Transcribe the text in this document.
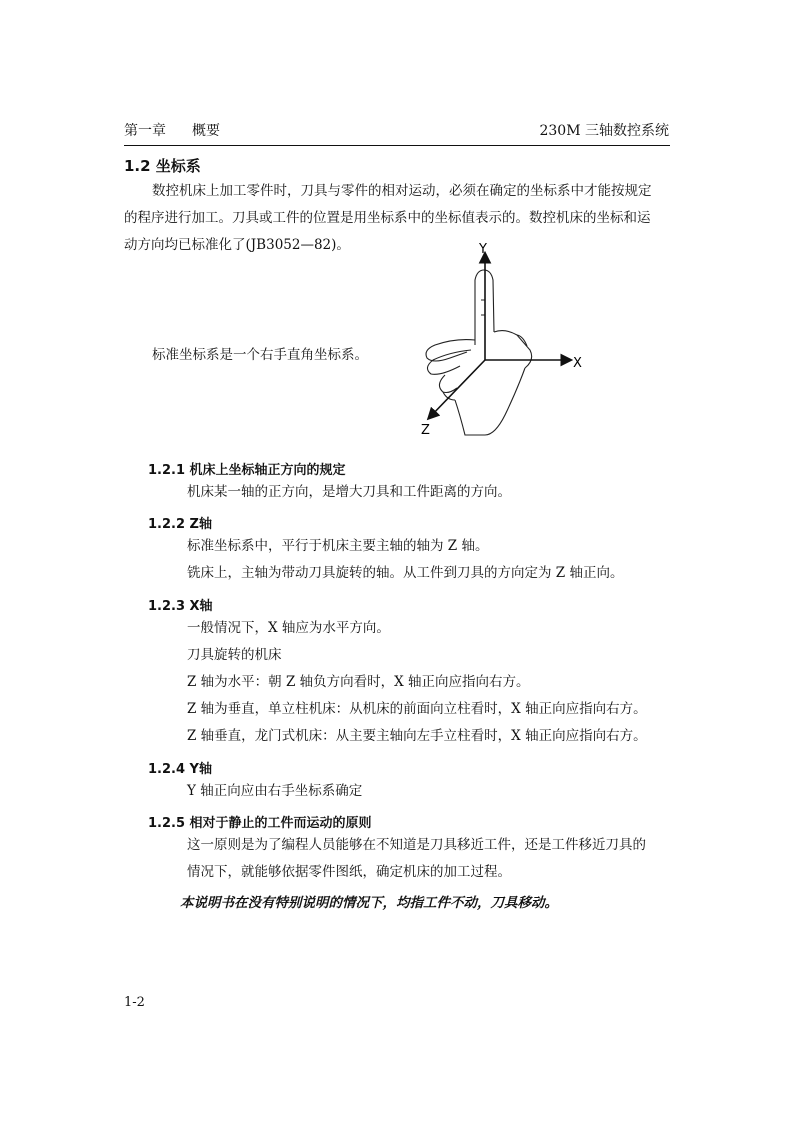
第一章 概要	230M 三轴数控系统
1.2 坐标系
数控机床上加工零件时，刀具与零件的相对运动，必须在确定的坐标系中才能按规定
的程序进行加工。刀具或工件的位置是用坐标系中的坐标值表示的。数控机床的坐标和运
动方向均已标准化了(JB3052—82)。
标准坐标系是一个右手直角坐标系。
Y
X
Z
1.2.1 机床上坐标轴正方向的规定
机床某一轴的正方向，是增大刀具和工件距离的方向。
1.2.2 Z轴
标准坐标系中，平行于机床主要主轴的轴为 Z 轴。
铣床上，主轴为带动刀具旋转的轴。从工件到刀具的方向定为 Z 轴正向。
1.2.3 X轴
一般情况下，X 轴应为水平方向。
刀具旋转的机床
Z 轴为水平：朝 Z 轴负方向看时，X 轴正向应指向右方。
Z 轴为垂直，单立柱机床：从机床的前面向立柱看时，X 轴正向应指向右方。
Z 轴垂直，龙门式机床：从主要主轴向左手立柱看时，X 轴正向应指向右方。
1.2.4 Y轴
Y 轴正向应由右手坐标系确定
1.2.5 相对于静止的工件而运动的原则
这一原则是为了编程人员能够在不知道是刀具移近工件，还是工件移近刀具的
情况下，就能够依据零件图纸，确定机床的加工过程。
本说明书在没有特别说明的情况下，均指工件不动，刀具移动。
1-2
